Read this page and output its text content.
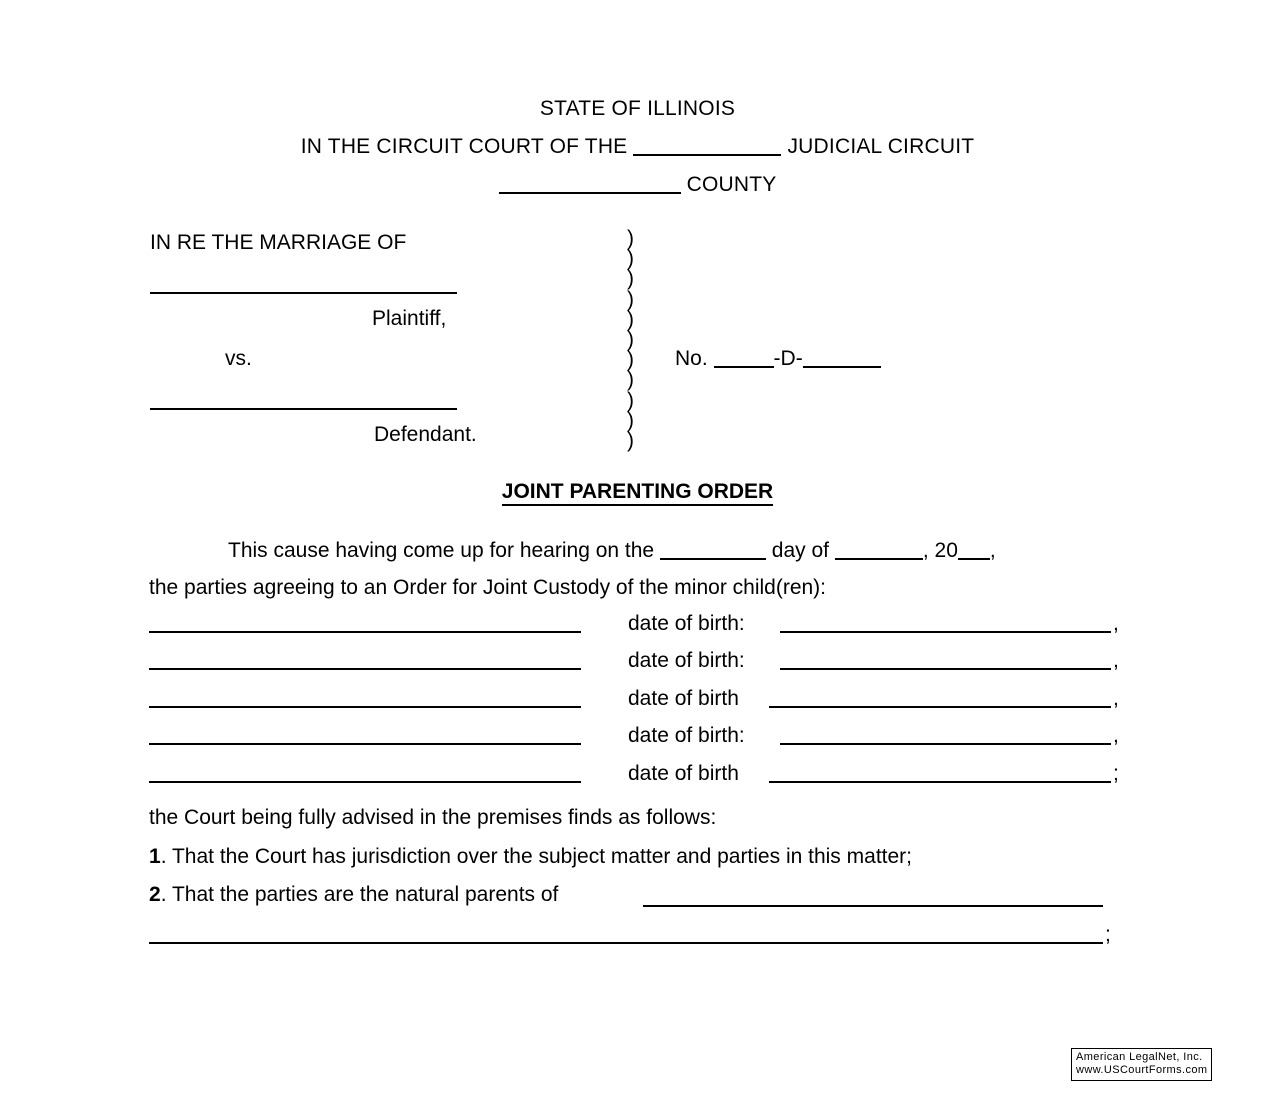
STATE OF ILLINOIS
IN THE CIRCUIT COURT OF THE	JUDICIAL CIRCUIT
COUNTY
IN RE THE MARRIAGE OF
Plaintiff,
vs.
Defendant.
)
)
)
)
)
)
)
)
)
)
)
No.	-D-
JOINT PARENTING ORDER
This cause having come up for hearing on the	day of	, 20 ,
the parties agreeing to an Order for Joint Custody of the minor child(ren):
date of birth:	,
date of birth:	,
date of birth	,
date of birth:	,
date of birth	;
the Court being fully advised in the premises finds as follows:
1. That the Court has jurisdiction over the subject matter and parties in this matter;
2. That the parties are the natural parents of
;
American LegalNet, Inc.
www.USCourtForms.com
